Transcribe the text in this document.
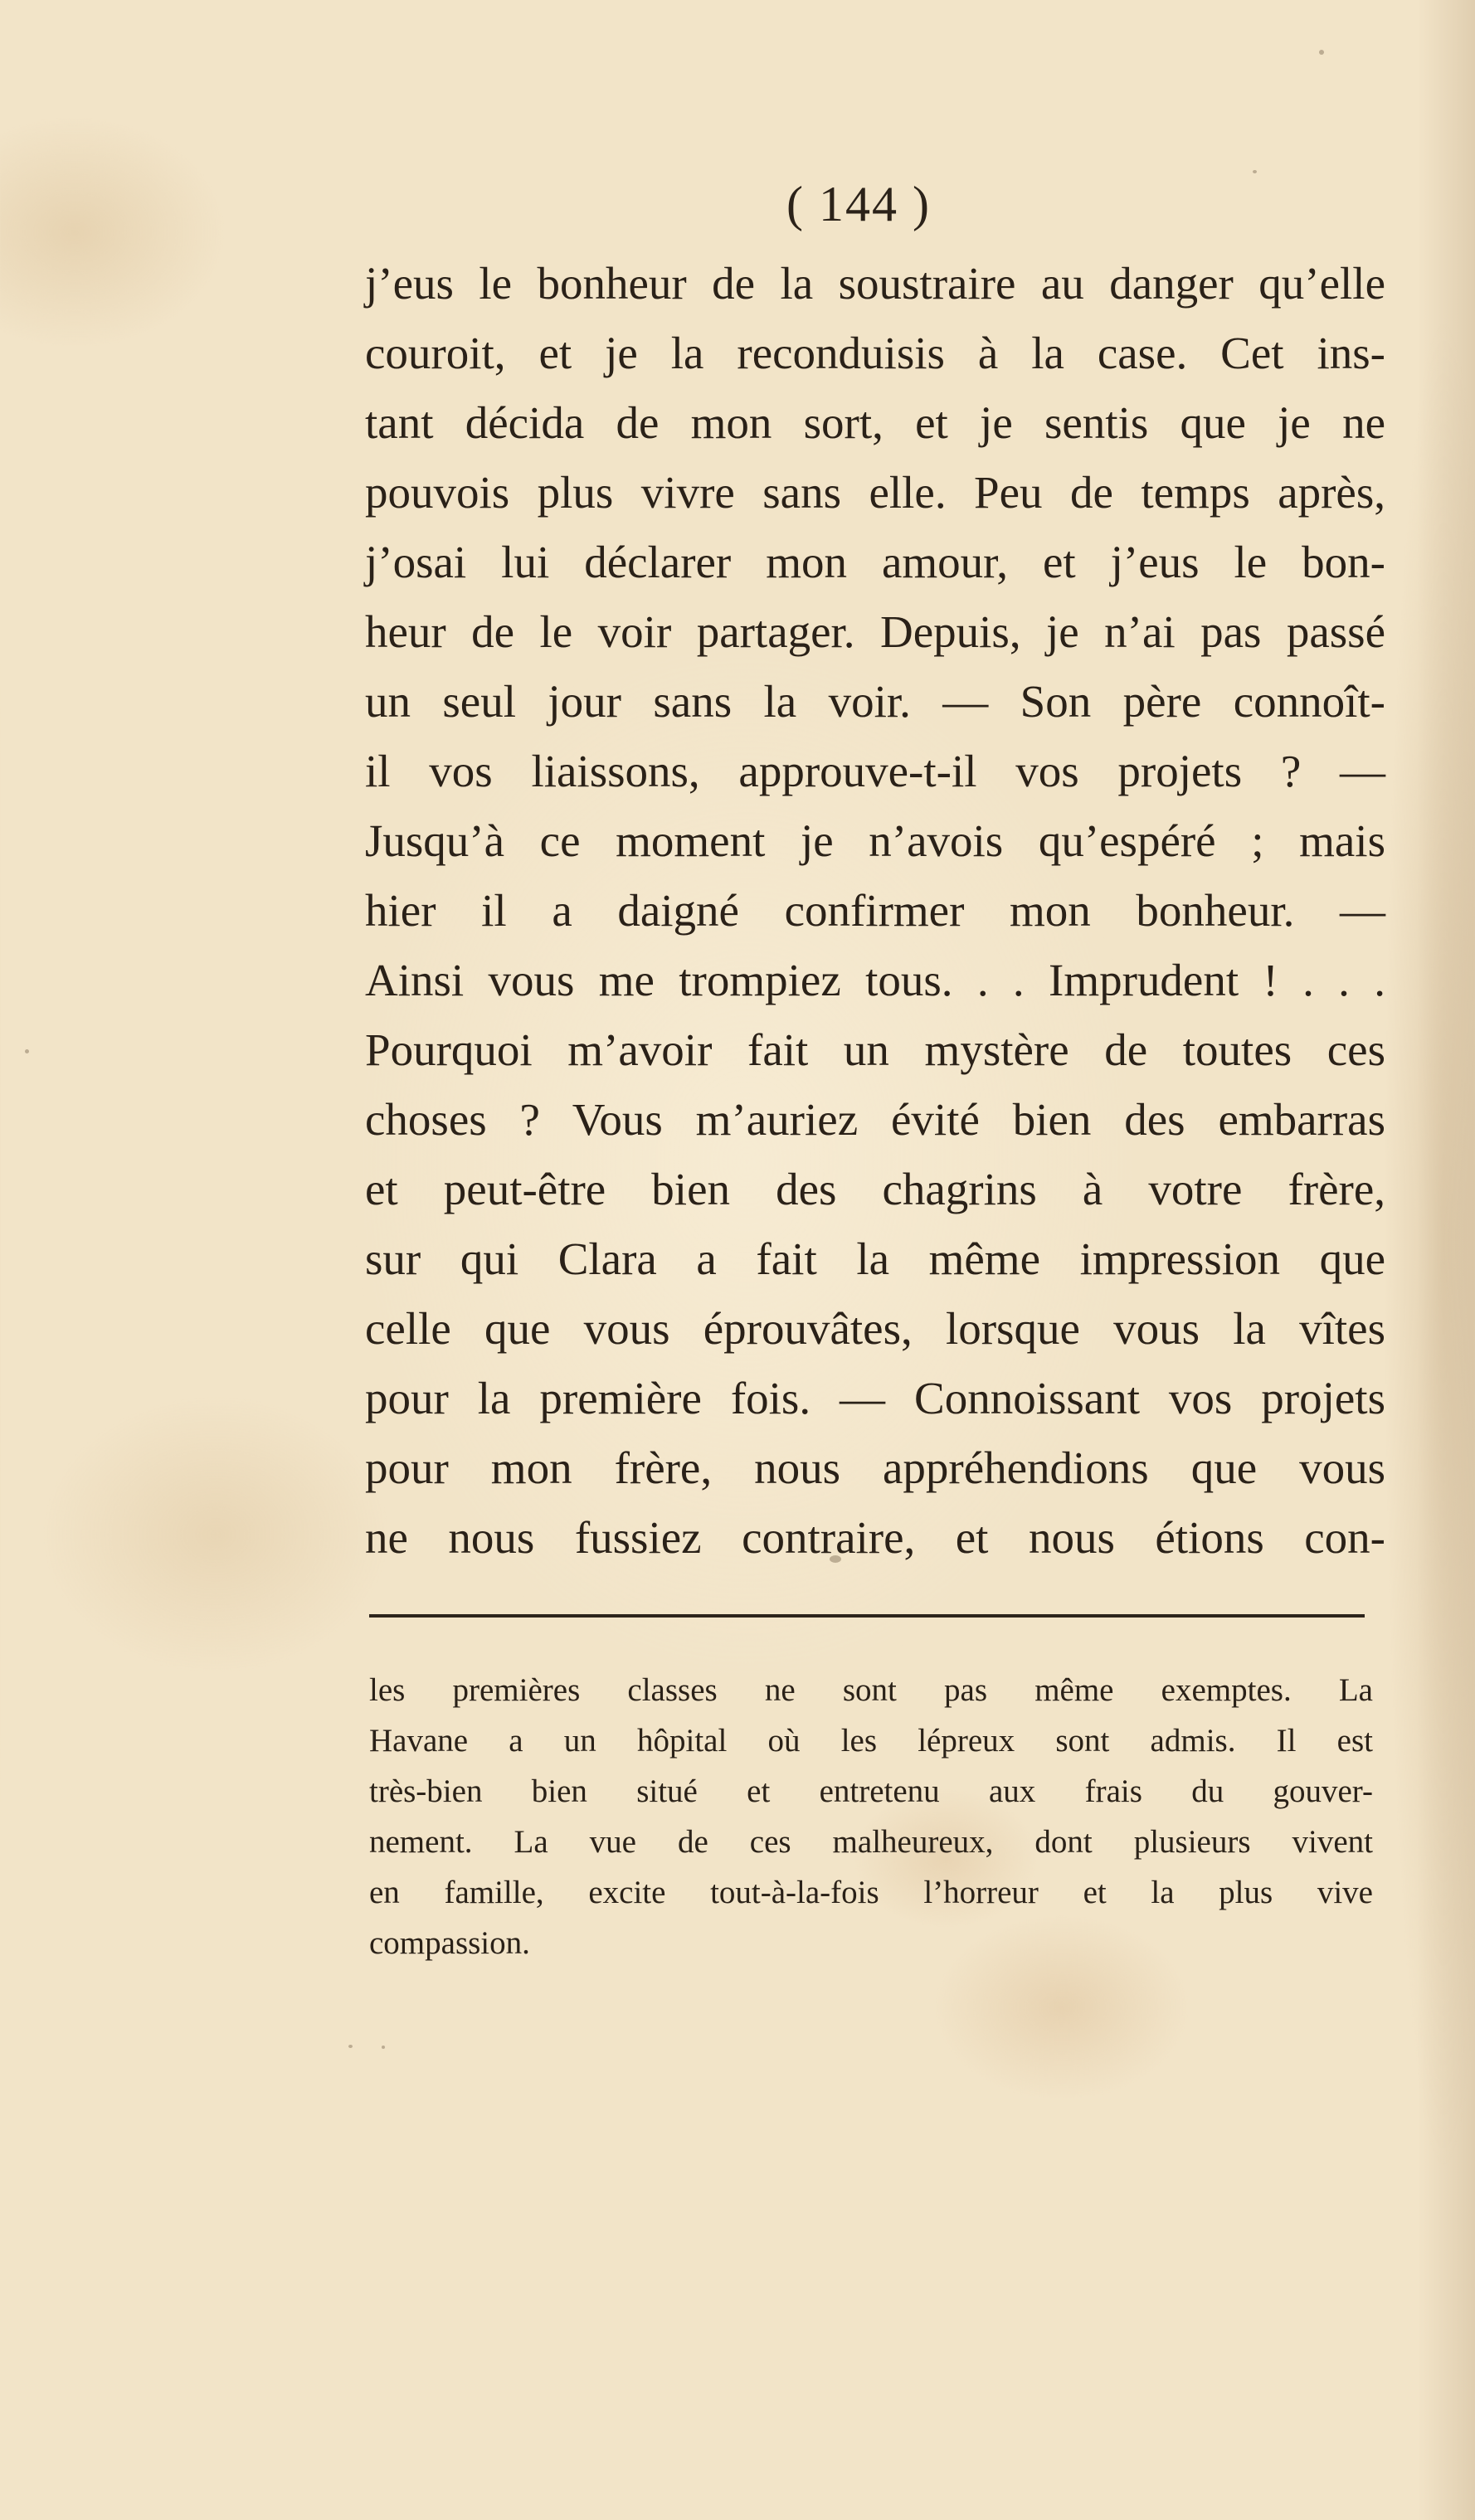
( 144 )
j’eus le bonheur de la soustraire au danger qu’elle
couroit, et je la reconduisis à la case. Cet ins-
tant décida de mon sort, et je sentis que je ne
pouvois plus vivre sans elle. Peu de temps après,
j’osai lui déclarer mon amour, et j’eus le bon-
heur de le voir partager. Depuis, je n’ai pas passé
un seul jour sans la voir. — Son père connoît-
il vos liaissons, approuve-t-il vos projets ? —
Jusqu’à ce moment je n’avois qu’espéré ; mais
hier il a daigné confirmer mon bonheur. —
Ainsi vous me trompiez tous. . . Imprudent ! . . .
Pourquoi m’avoir fait un mystère de toutes ces
choses ? Vous m’auriez évité bien des embarras
et peut-être bien des chagrins à votre frère,
sur qui Clara a fait la même impression que
celle que vous éprouvâtes, lorsque vous la vîtes
pour la première fois. — Connoissant vos projets
pour mon frère, nous appréhendions que vous
ne nous fussiez contraire, et nous étions con-
les premières classes ne sont pas même exemptes. La
Havane a un hôpital où les lépreux sont admis. Il est
très-bien bien situé et entretenu aux frais du gouver-
nement. La vue de ces malheureux, dont plusieurs vivent
en famille, excite tout-à-la-fois l’horreur et la plus vive
compassion.
